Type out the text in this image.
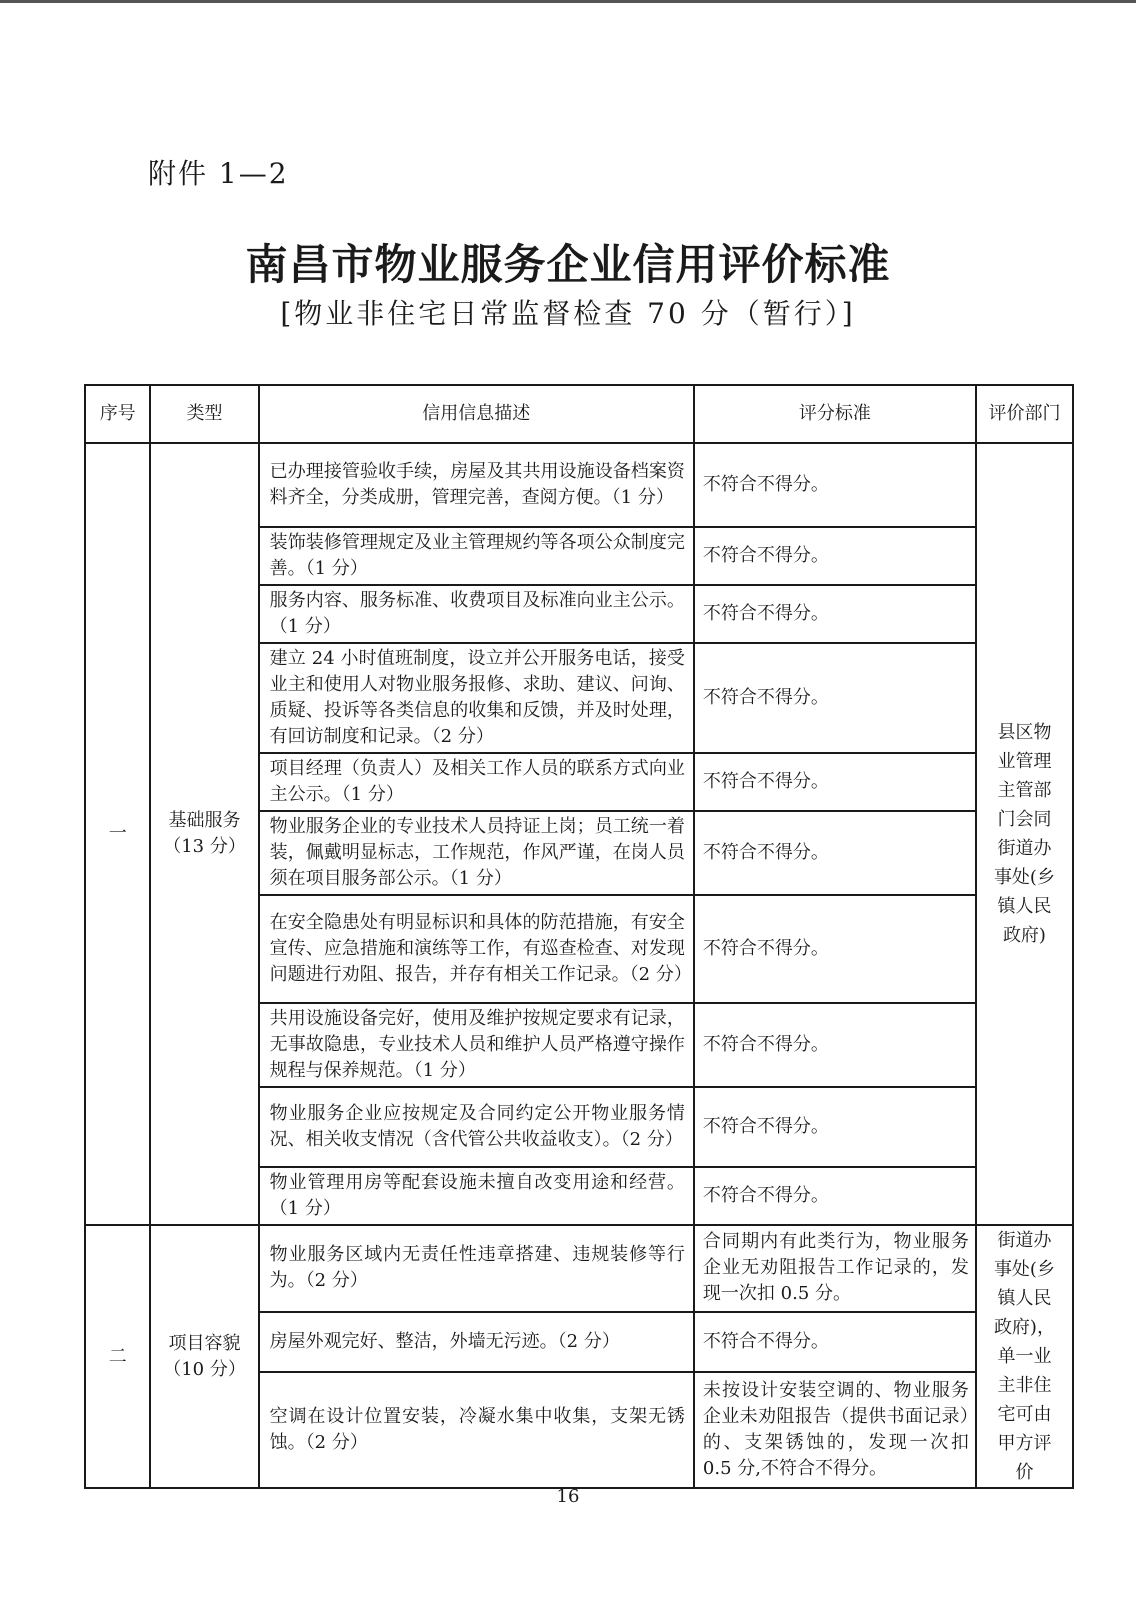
附件 1—2
南昌市物业服务企业信用评价标准
[物业非住宅日常监督检查 70 分（暂行）]
序号	类型	信用信息描述	评分标准	评价部门
一	基础服务（13 分）	已办理接管验收手续，房屋及其共用设施设备档案资料齐全，分类成册，管理完善，查阅方便。（1 分）	不符合不得分。	县区物业管理主管部门会同街道办事处(乡镇人民政府)
		装饰装修管理规定及业主管理规约等各项公众制度完善。（1 分）	不符合不得分。	
		服务内容、服务标准、收费项目及标准向业主公示。（1 分）	不符合不得分。	
		建立 24 小时值班制度，设立并公开服务电话，接受业主和使用人对物业服务报修、求助、建议、问询、质疑、投诉等各类信息的收集和反馈，并及时处理，有回访制度和记录。（2 分）	不符合不得分。	
		项目经理（负责人）及相关工作人员的联系方式向业主公示。（1 分）	不符合不得分。	
		物业服务企业的专业技术人员持证上岗；员工统一着装，佩戴明显标志，工作规范，作风严谨，在岗人员须在项目服务部公示。（1 分）	不符合不得分。	
		在安全隐患处有明显标识和具体的防范措施，有安全宣传、应急措施和演练等工作，有巡查检查、对发现问题进行劝阻、报告，并存有相关工作记录。（2 分）	不符合不得分。	
		共用设施设备完好，使用及维护按规定要求有记录，无事故隐患，专业技术人员和维护人员严格遵守操作规程与保养规范。（1 分）	不符合不得分。	
		物业服务企业应按规定及合同约定公开物业服务情况、相关收支情况（含代管公共收益收支）。（2 分）	不符合不得分。	
		物业管理用房等配套设施未擅自改变用途和经营。（1 分）	不符合不得分。	
二	项目容貌（10 分）	物业服务区域内无责任性违章搭建、违规装修等行为。（2 分）	合同期内有此类行为，物业服务企业无劝阻报告工作记录的，发现一次扣 0.5 分。	街道办事处(乡镇人民政府)，单一业主非住宅可由甲方评价
		房屋外观完好、整洁，外墙无污迹。（2 分）	不符合不得分。	
		空调在设计位置安装，冷凝水集中收集，支架无锈蚀。（2 分）	未按设计安装空调的、物业服务企业未劝阻报告（提供书面记录）的、支架锈蚀的，发现一次扣 0.5 分,不符合不得分。	
16
